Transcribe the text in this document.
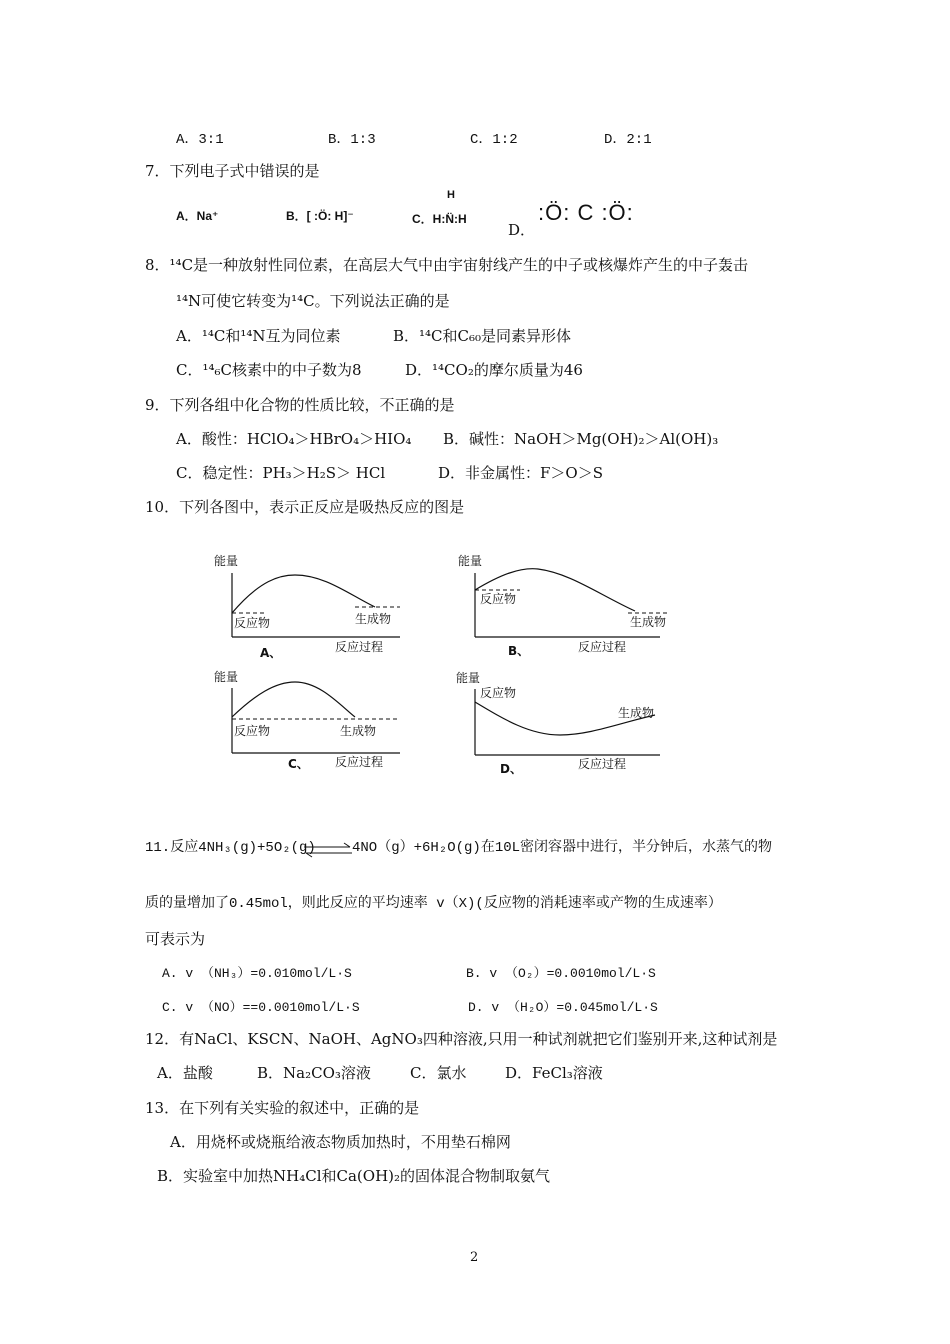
A．3:1	B．1:3	C．1:2	D．2:1
7．下列电子式中错误的是
A．Na⁺	B．[ :Ö: H]⁻
H
C．H:N̈:H
D．
:Ö: C :Ö:
8．¹⁴C是一种放射性同位素，在高层大气中由宇宙射线产生的中子或核爆炸产生的中子轰击
¹⁴N可使它转变为¹⁴C。下列说法正确的是
A．¹⁴C和¹⁴N互为同位素	B．¹⁴C和C₆₀是同素异形体
C．¹⁴₆C核素中的中子数为8	D．¹⁴CO₂的摩尔质量为46
9．下列各组中化合物的性质比较，不正确的是
A．酸性：HClO₄＞HBrO₄＞HIO₄ B．碱性：NaOH＞Mg(OH)₂＞Al(OH)₃
C．稳定性：PH₃＞H₂S＞ HCl	D．非金属性：F＞O＞S
10．下列各图中，表示正反应是吸热反应的图是
能量
反应物	生成物
A、	反应过程
能量
反应物
生成物
B、	反应过程
能量
反应物	生成物
C、 反应过程
能量
反应物
生成物
D、	反应过程
11.反应4NH₃(g)+5O₂(g)	4NO（g）+6H₂O(g)在10L密闭容器中进行，半分钟后，水蒸气的物
质的量增加了0.45mol，则此反应的平均速率 v（X)(反应物的消耗速率或产物的生成速率）
可表示为
A. v （NH₃）=0.010mol/L·S	B. v （O₂）=0.0010mol/L·S
C. v （NO）==0.0010mol/L·S	D. v （H₂O）=0.045mol/L·S
12．有NaCl、KSCN、NaOH、AgNO₃四种溶液,只用一种试剂就把它们鉴别开来,这种试剂是
A．盐酸	B．Na₂CO₃溶液	C．氯水	D．FeCl₃溶液
13．在下列有关实验的叙述中，正确的是
A．用烧杯或烧瓶给液态物质加热时，不用垫石棉网
B．实验室中加热NH₄Cl和Ca(OH)₂的固体混合物制取氨气
2
